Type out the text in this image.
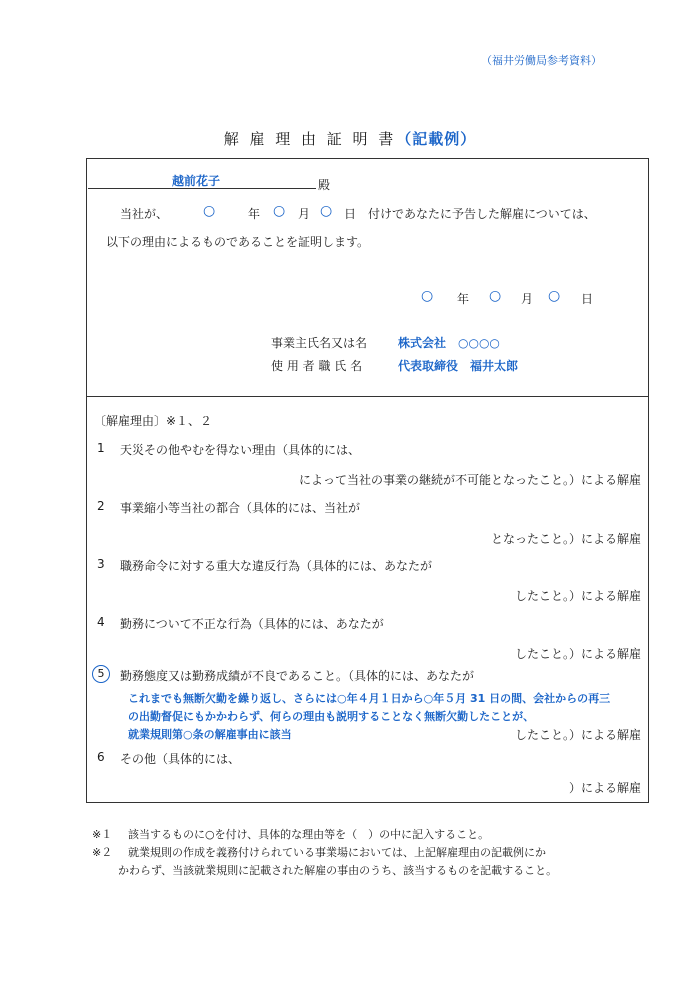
（福井労働局参考資料）
解 雇 理 由 証 明 書（記載例）
越前花子	殿
当社が、 ○	年 ○ 月 ○ 日 付けであなたに予告した解雇については、
以下の理由によるものであることを証明します。
○ 年 ○ 月 ○ 日
事業主氏名又は名	株式会社　○○○○
使 用 者 職 氏 名	代表取締役　福井太郎
〔解雇理由〕※１、２
1 天災その他やむを得ない理由（具体的には、
によって当社の事業の継続が不可能となったこと。）による解雇
2 事業縮小等当社の都合（具体的には、当社が
となったこと。）による解雇
3 職務命令に対する重大な違反行為（具体的には、あなたが
したこと。）による解雇
4 勤務について不正な行為（具体的には、あなたが
したこと。）による解雇
5	勤務態度又は勤務成績が不良であること。（具体的には、あなたが
これまでも無断欠勤を繰り返し、さらには○年４月１日から○年５月 31 日の間、会社からの再三
の出勤督促にもかかわらず、何らの理由も説明することなく無断欠勤したことが、
就業規則第○条の解雇事由に該当	したこと。）による解雇
6 その他（具体的には、
）による解雇
※１ 該当するものに○を付け、具体的な理由等を（　）の中に記入すること。
※２ 就業規則の作成を義務付けられている事業場においては、上記解雇理由の記載例にか
かわらず、当該就業規則に記載された解雇の事由のうち、該当するものを記載すること。
